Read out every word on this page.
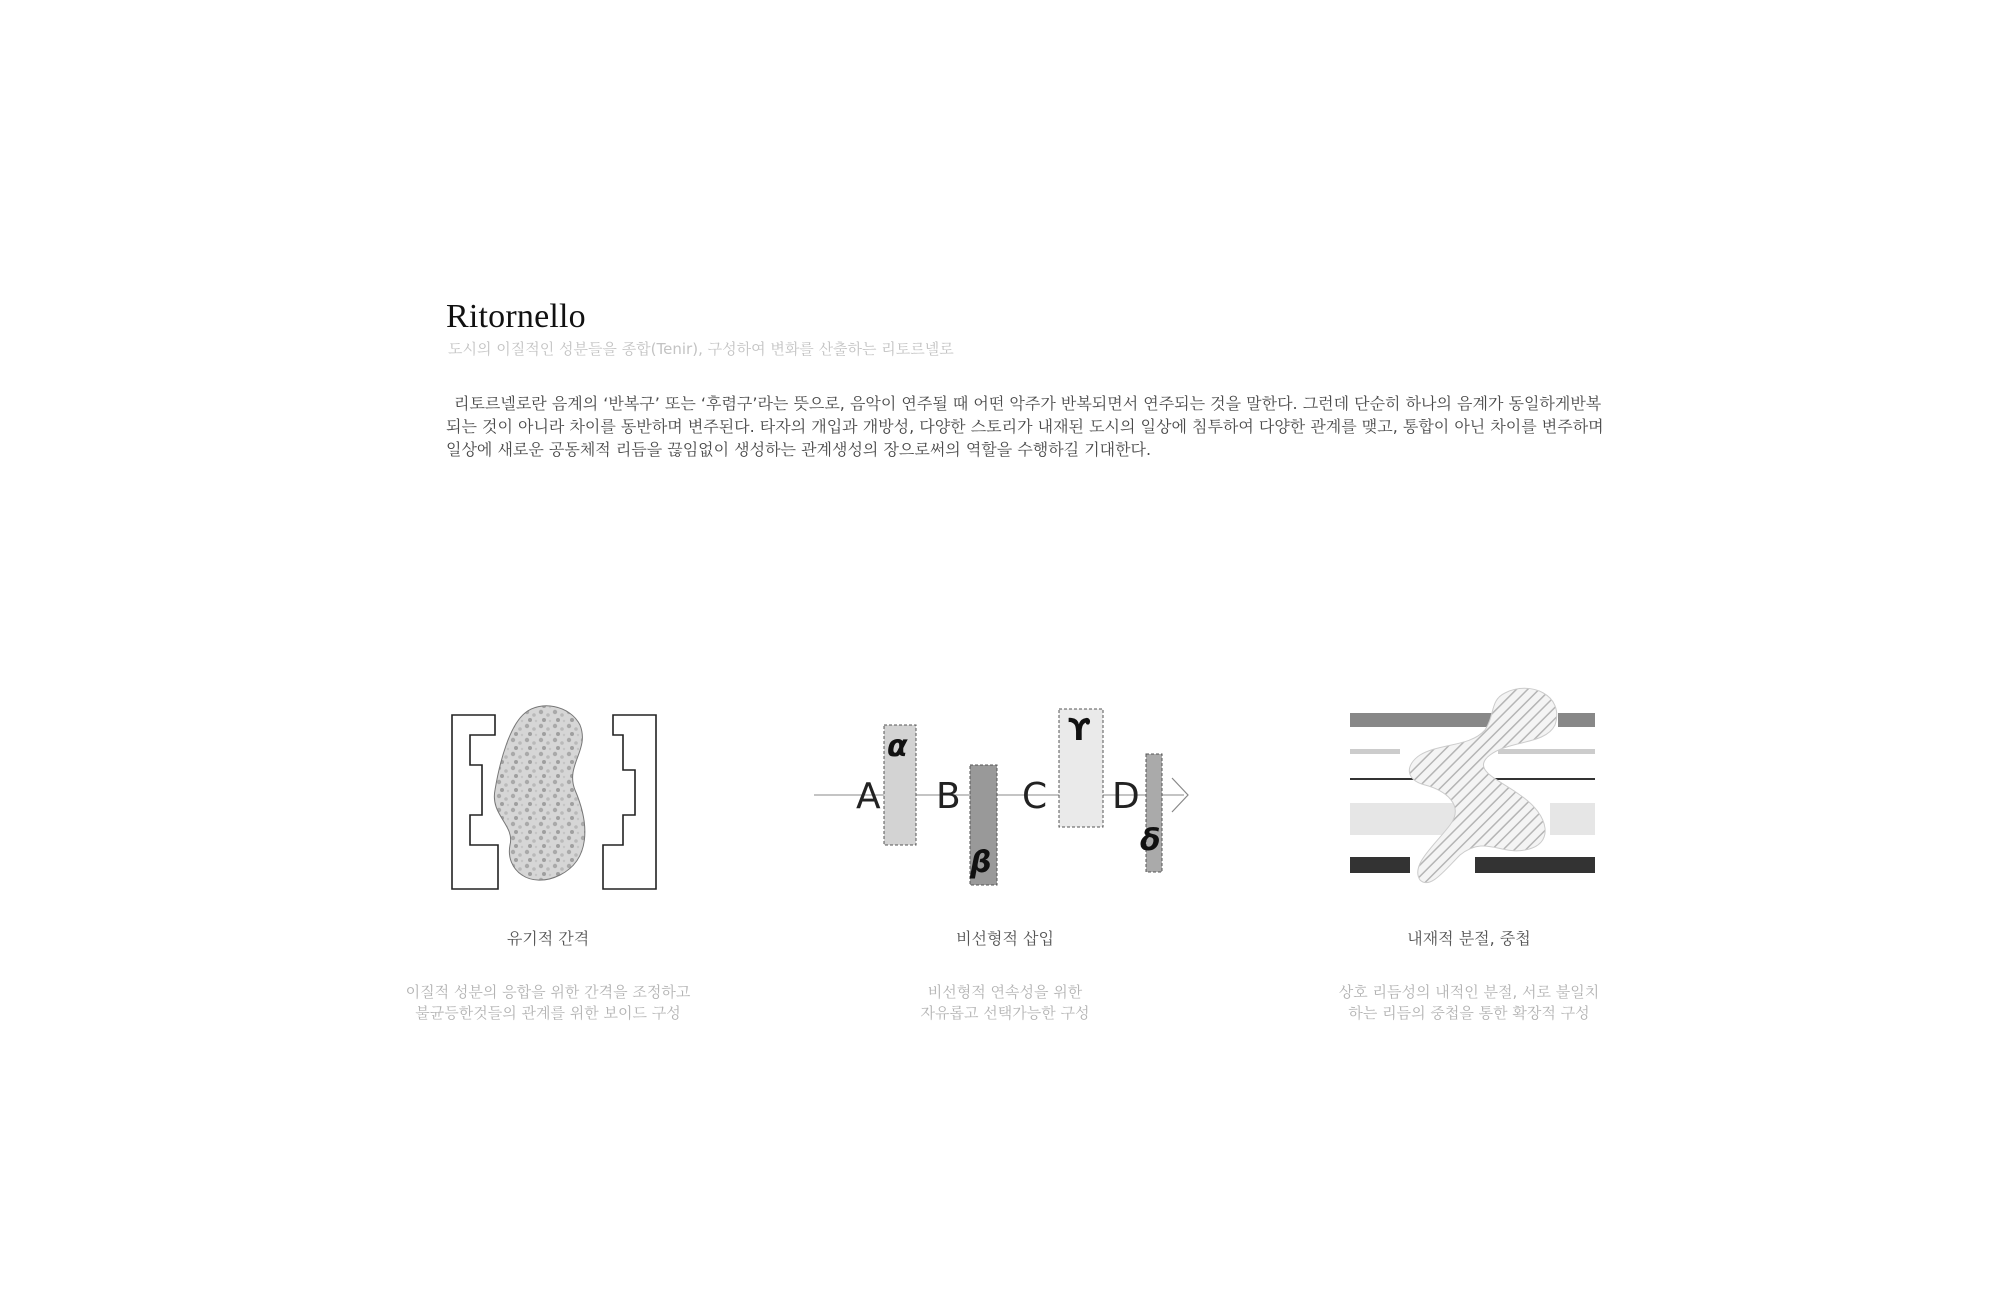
Ritornello
도시의 이질적인 성분들을 종합(Tenir), 구성하여 변화를 산출하는 리토르넬로
리토르넬로란 음계의 ‘반복구’ 또는 ‘후렴구’라는 뜻으로, 음악이 연주될 때 어떤 악주가 반복되면서 연주되는 것을 말한다. 그런데 단순히 하나의 음계가 동일하게반복되는 것이 아니라 차이를 동반하며 변주된다. 타자의 개입과 개방성, 다양한 스토리가 내재된 도시의 일상에 침투하여 다양한 관계를 맺고, 통합이 아닌 차이를 변주하며 일상에 새로운 공동체적 리듬을 끊임없이 생성하는 관계생성의 장으로써의 역할을 수행하길 기대한다.
A B C D
α
β
ϒ
δ
유기적 간격
이질적 성분의 응합을 위한 간격을 조정하고
불균등한것들의 관계를 위한 보이드 구성
비선형적 삽입
비선형적 연속성을 위한
자유롭고 선택가능한 구성
내재적 분절, 중첩
상호 리듬성의 내적인 분절, 서로 불일치
하는 리듬의 중첩을 통한 확장적 구성
